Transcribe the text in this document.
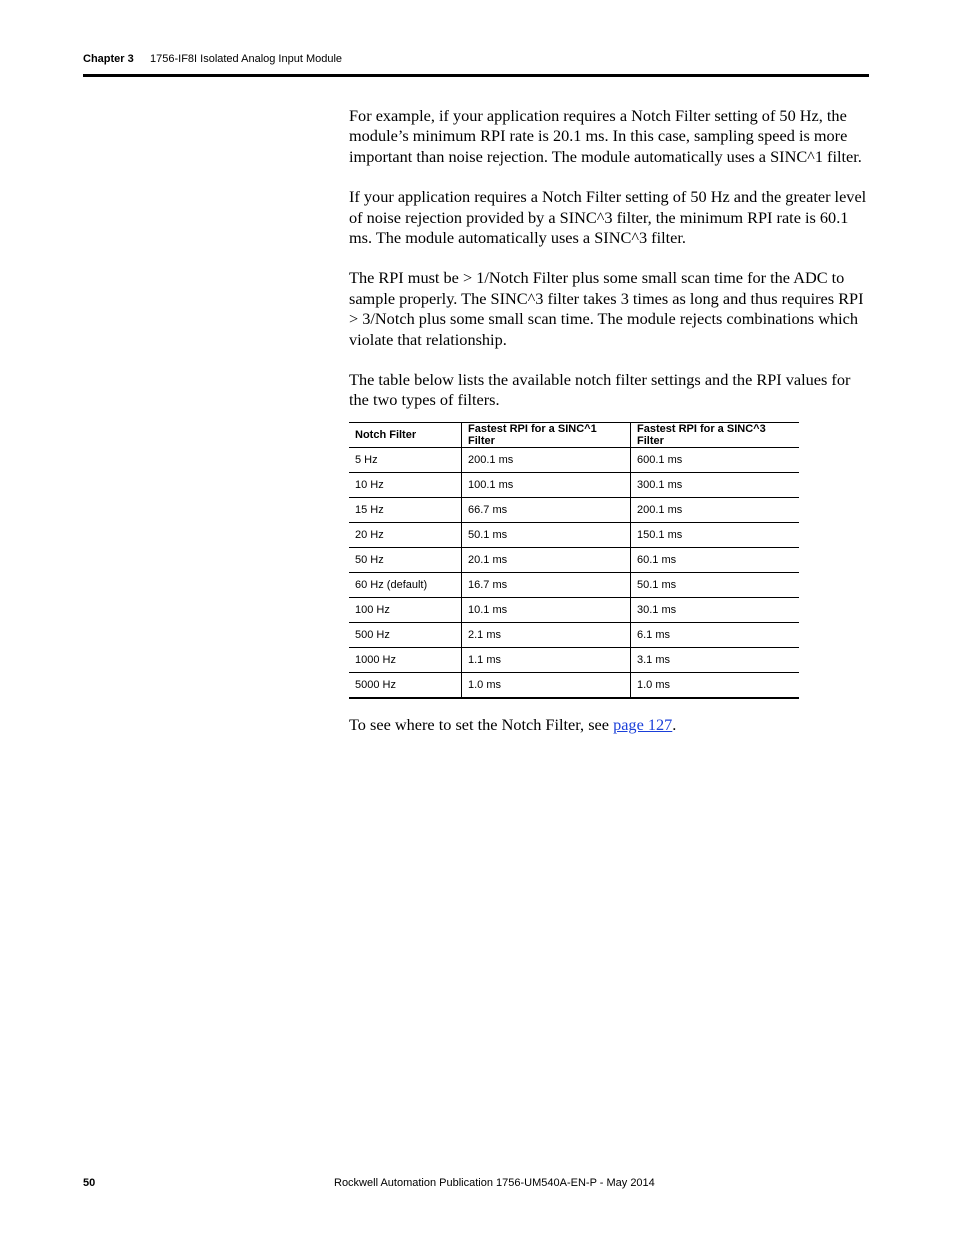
Chapter 3	1756-IF8I Isolated Analog Input Module

For example, if your application requires a Notch Filter setting of 50 Hz, the module’s minimum RPI rate is 20.1 ms. In this case, sampling speed is more important than noise rejection. The module automatically uses a SINC^1 filter.

If your application requires a Notch Filter setting of 50 Hz and the greater level of noise rejection provided by a SINC^3 filter, the minimum RPI rate is 60.1 ms. The module automatically uses a SINC^3 filter.

The RPI must be > 1/Notch Filter plus some small scan time for the ADC to sample properly. The SINC^3 filter takes 3 times as long and thus requires RPI > 3/Notch plus some small scan time. The module rejects combinations which violate that relationship.

The table below lists the available notch filter settings and the RPI values for the two types of filters.

Notch Filter	Fastest RPI for a SINC^1 Filter	Fastest RPI for a SINC^3 Filter
5 Hz	200.1 ms	600.1 ms
10 Hz	100.1 ms	300.1 ms
15 Hz	66.7 ms	200.1 ms
20 Hz	50.1 ms	150.1 ms
50 Hz	20.1 ms	60.1 ms
60 Hz (default)	16.7 ms	50.1 ms
100 Hz	10.1 ms	30.1 ms
500 Hz	2.1 ms	6.1 ms
1000 Hz	1.1 ms	3.1 ms
5000 Hz	1.0 ms	1.0 ms
To see where to set the Notch Filter, see page 127.
50	Rockwell Automation Publication 1756-UM540A-EN-P - May 2014
